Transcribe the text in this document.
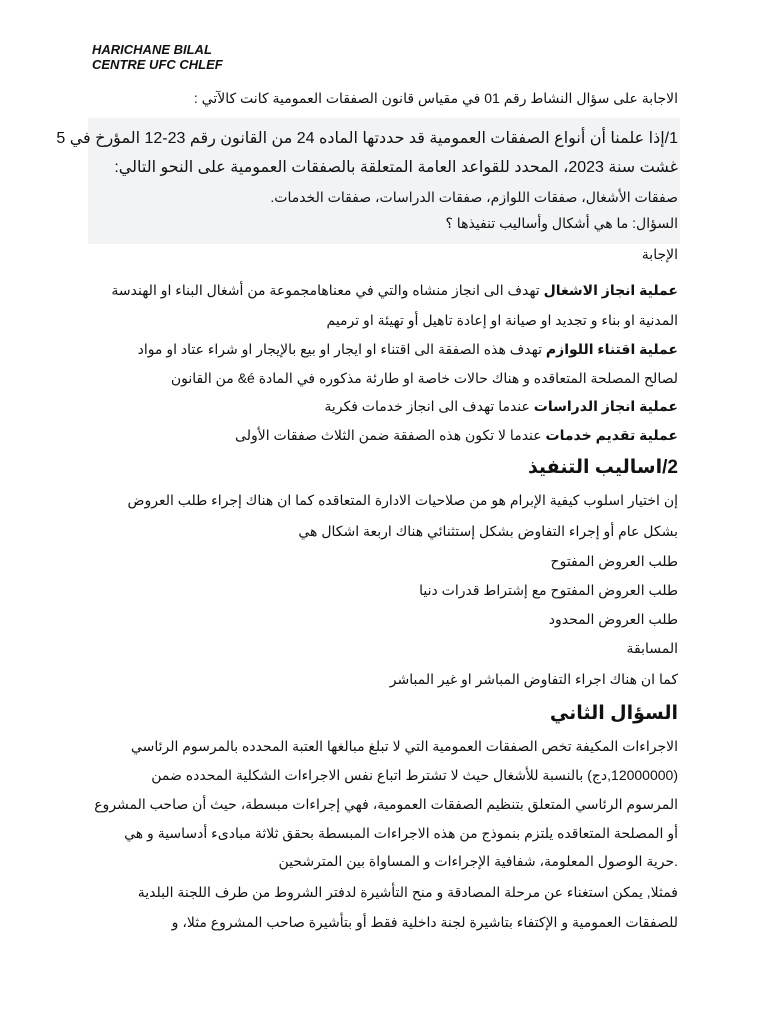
HARICHANE BILAL
CENTRE UFC CHLEF
الاجابة على سؤال النشاط رقم 01 في مقياس قانون الصفقات العمومية كانت كالآتي :
1/إذا علمنا أن أنواع الصفقات العمومية قد حددتها الماده 24 من القانون رقم 23-12 المؤرخ في 5
غشت سنة 2023، المحدد للقواعد العامة المتعلقة بالصفقات العمومية على النحو التالي:
صفقات الأشغال، صفقات اللوازم، صفقات الدراسات، صفقات الخدمات.
السؤال: ما هي أشكال وأساليب تنفيذها ؟
الإجابة
عملية انجاز الاشغال تهدف الى انجاز منشاه والتي في معناهامجموعة من أشغال البناء او الهندسة
المدنية او بناء و تجديد او صيانة او إعادة تاهيل أو تهيئة او ترميم
عملية اقتناء اللوازم تهدف هذه الصفقة الى اقتناء او ايجار او بيع بالإيجار او شراء عتاد او مواد
لصالح المصلحة المتعاقده و هناك حالات خاصة او طارئة مذكوره في المادة é& من القانون
عملية انجاز الدراسات عندما تهدف الى انجاز خدمات فكرية
عملية تقديم خدمات عندما لا تكون هذه الصفقة ضمن الثلاث صفقات الأولى
2/اساليب التنفيذ
إن اختيار اسلوب كيفية الإبرام هو من صلاحيات الادارة المتعاقده كما ان هناك إجراء طلب العروض
بشكل عام أو إجراء التفاوض بشكل إستثنائي هناك اربعة اشكال هي
طلب العروض المفتوح
طلب العروض المفتوح مع إشتراط قدرات دنيا
طلب العروض المحدود
المسابقة
كما ان هناك اجراء التفاوض المباشر او غير المباشر
السؤال الثاني
الاجراءات المكيفة تخص الصفقات العمومية التي لا تبلغ مبالغها العتبة المحدده بالمرسوم الرئاسي
(12000000,دج) بالنسبة للأشغال حيث لا تشترط اتباع نفس الاجراءات الشكلية المحدده ضمن
المرسوم الرئاسي المتعلق بتنظيم الصفقات العمومية، فهي إجراءات مبسطة، حيث أن صاحب المشروع
أو المصلحة المتعاقده يلتزم بنموذج من هذه الاجراءات المبسطة بحقق ثلاثة مبادىء أدساسية و هي
.حرية الوصول المعلومة، شفافية الإجراءات و المساواة بين المترشحين
فمثلا, يمكن استغناء عن مرحلة المصادقة و منح التأشيرة لدفتر الشروط من طرف اللجنة البلدية
للصفقات العمومية و الإكتفاء بتاشيرة لجنة داخلية فقط أو بتأشيرة صاحب المشروع مثلا، و
